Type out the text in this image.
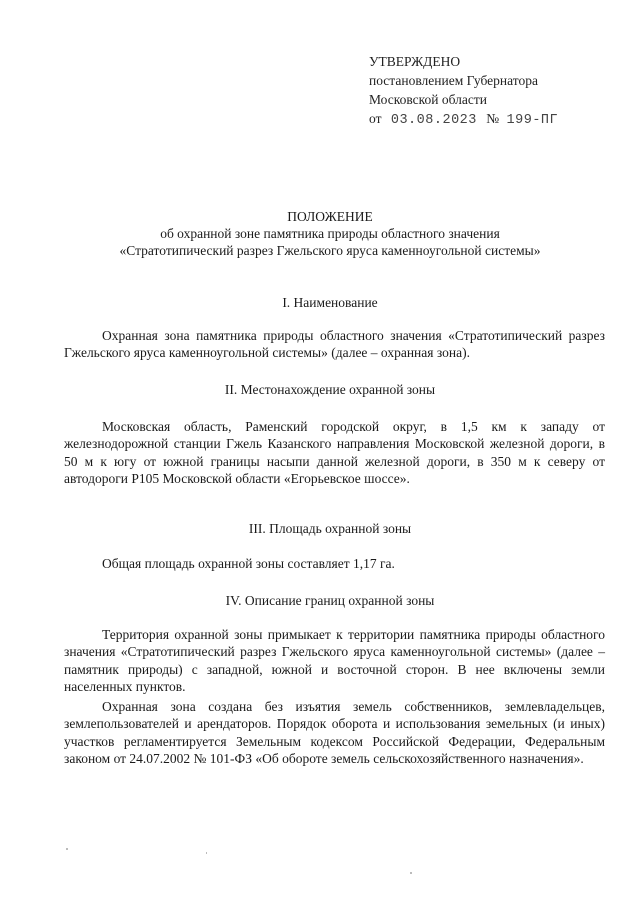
УТВЕРЖДЕНО
постановлением Губернатора
Московской области
от 03.08.2023 № 199-ПГ
ПОЛОЖЕНИЕ
об охранной зоне памятника природы областного значения
«Стратотипический разрез Гжельского яруса каменноугольной системы»
I. Наименование

Охранная зона памятника природы областного значения «Стратотипический разрез Гжельского яруса каменноугольной системы» (далее – охранная зона).

II. Местонахождение охранной зоны

Московская область, Раменский городской округ, в 1,5 км к западу от железнодорожной станции Гжель Казанского направления Московской железной дороги, в 50 м к югу от южной границы насыпи данной железной дороги, в 350 м к северу от автодороги Р105 Московской области «Егорьевское шоссе».

III. Площадь охранной зоны

Общая площадь охранной зоны составляет 1,17 га.

IV. Описание границ охранной зоны

Территория охранной зоны примыкает к территории памятника природы областного значения «Стратотипический разрез Гжельского яруса каменноугольной системы» (далее – памятник природы) с западной, южной и восточной сторон. В нее включены земли населенных пунктов.

Охранная зона создана без изъятия земель собственников, землевладельцев, землепользователей и арендаторов. Порядок оборота и использования земельных (и иных) участков регламентируется Земельным кодексом Российской Федерации, Федеральным законом от 24.07.2002 № 101-ФЗ «Об обороте земель сельскохозяйственного назначения».
